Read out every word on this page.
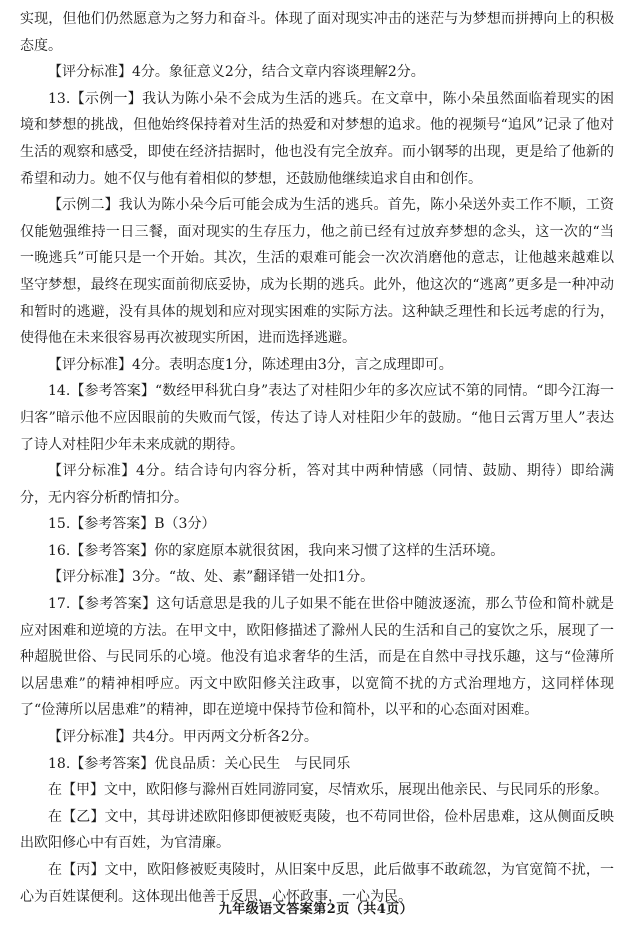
实现，但他们仍然愿意为之努力和奋斗。体现了面对现实冲击的迷茫与为梦想而拼搏向上的积极态度。

【评分标准】4分。象征意义2分，结合文章内容谈理解2分。

13.【示例一】我认为陈小朵不会成为生活的逃兵。在文章中，陈小朵虽然面临着现实的困境和梦想的挑战，但他始终保持着对生活的热爱和对梦想的追求。他的视频号“追风”记录了他对生活的观察和感受，即使在经济拮据时，他也没有完全放弃。而小钢琴的出现，更是给了他新的希望和动力。她不仅与他有着相似的梦想，还鼓励他继续追求自由和创作。

【示例二】我认为陈小朵今后可能会成为生活的逃兵。首先，陈小朵送外卖工作不顺，工资仅能勉强维持一日三餐，面对现实的生存压力，他之前已经有过放弃梦想的念头，这一次的“当一晚逃兵”可能只是一个开始。其次，生活的艰难可能会一次次消磨他的意志，让他越来越难以坚守梦想，最终在现实面前彻底妥协，成为长期的逃兵。此外，他这次的“逃离”更多是一种冲动和暂时的逃避，没有具体的规划和应对现实困难的实际方法。这种缺乏理性和长远考虑的行为，使得他在未来很容易再次被现实所困，进而选择逃避。

【评分标准】4分。表明态度1分，陈述理由3分，言之成理即可。

14.【参考答案】“数经甲科犹白身”表达了对桂阳少年的多次应试不第的同情。“即今江海一归客”暗示他不应因眼前的失败而气馁，传达了诗人对桂阳少年的鼓励。“他日云霄万里人”表达了诗人对桂阳少年未来成就的期待。

【评分标准】4分。结合诗句内容分析，答对其中两种情感（同情、鼓励、期待）即给满分，无内容分析酌情扣分。

15.【参考答案】B（3分）

16.【参考答案】你的家庭原本就很贫困，我向来习惯了这样的生活环境。

【评分标准】3分。“故、处、素”翻译错一处扣1分。

17.【参考答案】这句话意思是我的儿子如果不能在世俗中随波逐流，那么节俭和简朴就是应对困难和逆境的方法。在甲文中，欧阳修描述了滁州人民的生活和自己的宴饮之乐，展现了一种超脱世俗、与民同乐的心境。他没有追求奢华的生活，而是在自然中寻找乐趣，这与“俭薄所以居患难”的精神相呼应。丙文中欧阳修关注政事，以宽简不扰的方式治理地方，这同样体现了“俭薄所以居患难”的精神，即在逆境中保持节俭和简朴，以平和的心态面对困难。

【评分标准】共4分。甲丙两文分析各2分。

18.【参考答案】优良品质：关心民生　与民同乐

在【甲】文中，欧阳修与滁州百姓同游同宴，尽情欢乐，展现出他亲民、与民同乐的形象。

在【乙】文中，其母讲述欧阳修即便被贬夷陵，也不苟同世俗，俭朴居患难，这从侧面反映出欧阳修心中有百姓，为官清廉。

在【丙】文中，欧阳修被贬夷陵时，从旧案中反思，此后做事不敢疏忽，为官宽简不扰，一心为百姓谋便利。这体现出他善于反思，心怀政事，一心为民。

九年级语文答案第2页（共4页）
